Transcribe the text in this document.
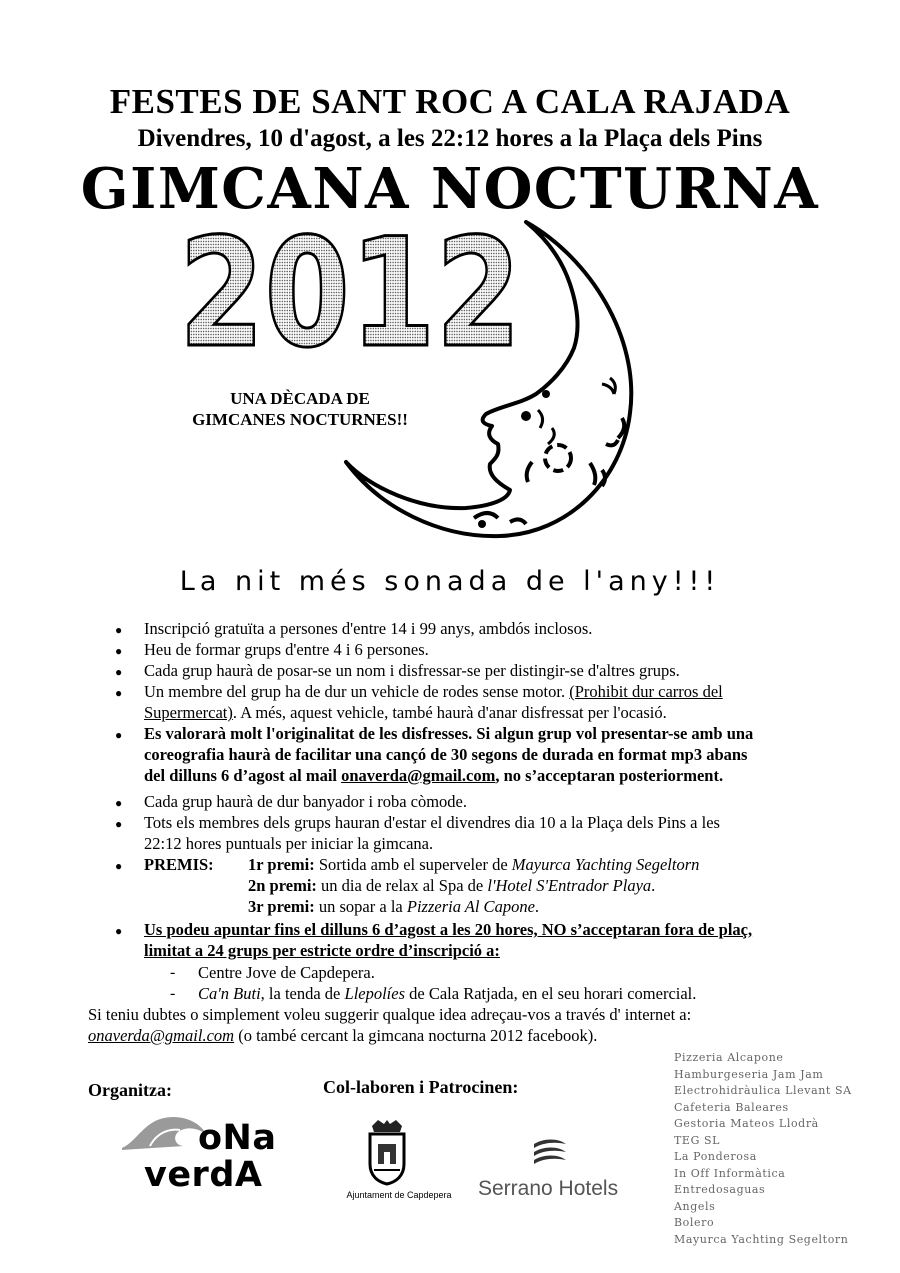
FESTES DE SANT ROC A CALA RAJADA
Divendres, 10 d'agost, a les 22:12 hores a la Plaça dels Pins
GIMCANA NOCTURNA
2012
UNA DÈCADA DE
GIMCANES NOCTURNES!!
La nit més sonada de l'any!!!
● Inscripció gratuïta a persones d'entre 14 i 99 anys, ambdós inclosos.
● Heu de formar grups d'entre 4 i 6 persones.
● Cada grup haurà de posar-se un nom i disfressar-se per distingir-se d'altres grups.
● Un membre del grup ha de dur un vehicle de rodes sense motor. (Prohibit dur carros del
Supermercat). A més, aquest vehicle, també haurà d'anar disfressat per l'ocasió.
● Es valorarà molt l'originalitat de les disfresses. Si algun grup vol presentar-se amb una
coreografia haurà de facilitar una cançó de 30 segons de durada en format mp3 abans
del dilluns 6 d’agost al mail onaverda@gmail.com, no s’acceptaran posteriorment.
● Cada grup haurà de dur banyador i roba còmode.
● Tots els membres dels grups hauran d'estar el divendres dia 10 a la Plaça dels Pins a les
22:12 hores puntuals per iniciar la gimcana.
● PREMIS: 1r premi: Sortida amb el superveler de Mayurca Yachting Segeltorn
2n premi: un dia de relax al Spa de l'Hotel S'Entrador Playa.
3r premi: un sopar a la Pizzeria Al Capone.
● Us podeu apuntar fins el dilluns 6 d’agost a les 20 hores, NO s’acceptaran fora de plaç,
limitat a 24 grups per estricte ordre d’inscripció a:
- Centre Jove de Capdepera.
- Ca'n Buti, la tenda de Llepolíes de Cala Ratjada, en el seu horari comercial.
Si teniu dubtes o simplement voleu suggerir qualque idea adreçau-vos a través d' internet a:
onaverda@gmail.com (o també cercant la gimcana nocturna 2012 facebook).
Organitza:	Col-laboren i Patrocinen:
oNa
verdA	Ajuntament de Capdepera	Serrano Hotels
Pizzeria Alcapone
Hamburgeseria Jam Jam
Electrohidràulica Llevant SA
Cafeteria Baleares
Gestoria Mateos Llodrà
TEG SL
La Ponderosa
In Off Informàtica
Entredosaguas
Angels
Bolero
Mayurca Yachting Segeltorn
